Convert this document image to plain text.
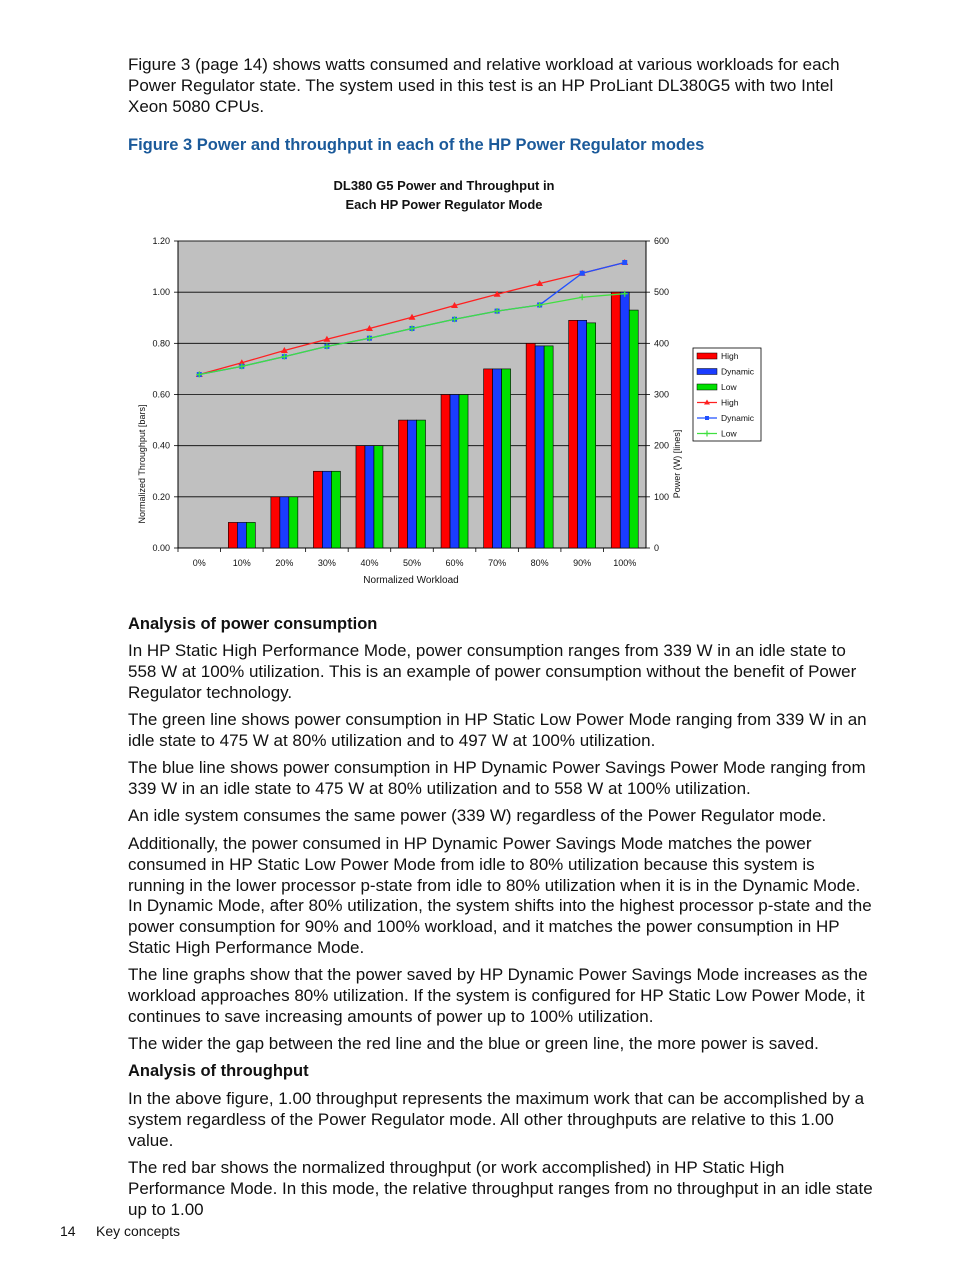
Figure 3 (page 14) shows watts consumed and relative workload at various workloads for each Power Regulator state. The system used in this test is an HP ProLiant DL380G5 with two Intel Xeon 5080 CPUs.

Figure 3 Power and throughput in each of the HP Power Regulator modes

DL380 G5 Power and Throughput in
Each HP Power Regulator Mode
0.00	0
0.20	100
0.40	200
0.60	300
0.80	400
1.00	500
1.20	600
0%	10%	20%	30%	40%	50%	60%	70%	80%	90% 100%
High
Dynamic
Low
High
Dynamic
Low
Normalized Throughput [bars]	Power (W) [lines]
Normalized Workload

Analysis of power consumption

In HP Static High Performance Mode, power consumption ranges from 339 W in an idle state to 558 W at 100% utilization. This is an example of power consumption without the benefit of Power Regulator technology.

The green line shows power consumption in HP Static Low Power Mode ranging from 339 W in an idle state to 475 W at 80% utilization and to 497 W at 100% utilization.

The blue line shows power consumption in HP Dynamic Power Savings Power Mode ranging from 339 W in an idle state to 475 W at 80% utilization and to 558 W at 100% utilization.

An idle system consumes the same power (339 W) regardless of the Power Regulator mode.

Additionally, the power consumed in HP Dynamic Power Savings Mode matches the power consumed in HP Static Low Power Mode from idle to 80% utilization because this system is running in the lower processor p-state from idle to 80% utilization when it is in the Dynamic Mode. In Dynamic Mode, after 80% utilization, the system shifts into the highest processor p-state and the power consumption for 90% and 100% workload, and it matches the power consumption in HP Static High Performance Mode.

The line graphs show that the power saved by HP Dynamic Power Savings Mode increases as the workload approaches 80% utilization. If the system is configured for HP Static Low Power Mode, it continues to save increasing amounts of power up to 100% utilization.

The wider the gap between the red line and the blue or green line, the more power is saved.

Analysis of throughput

In the above figure, 1.00 throughput represents the maximum work that can be accomplished by a system regardless of the Power Regulator mode. All other throughputs are relative to this 1.00 value.

The red bar shows the normalized throughput (or work accomplished) in HP Static High Performance Mode. In this mode, the relative throughput ranges from no throughput in an idle state up to 1.00

14 Key concepts
